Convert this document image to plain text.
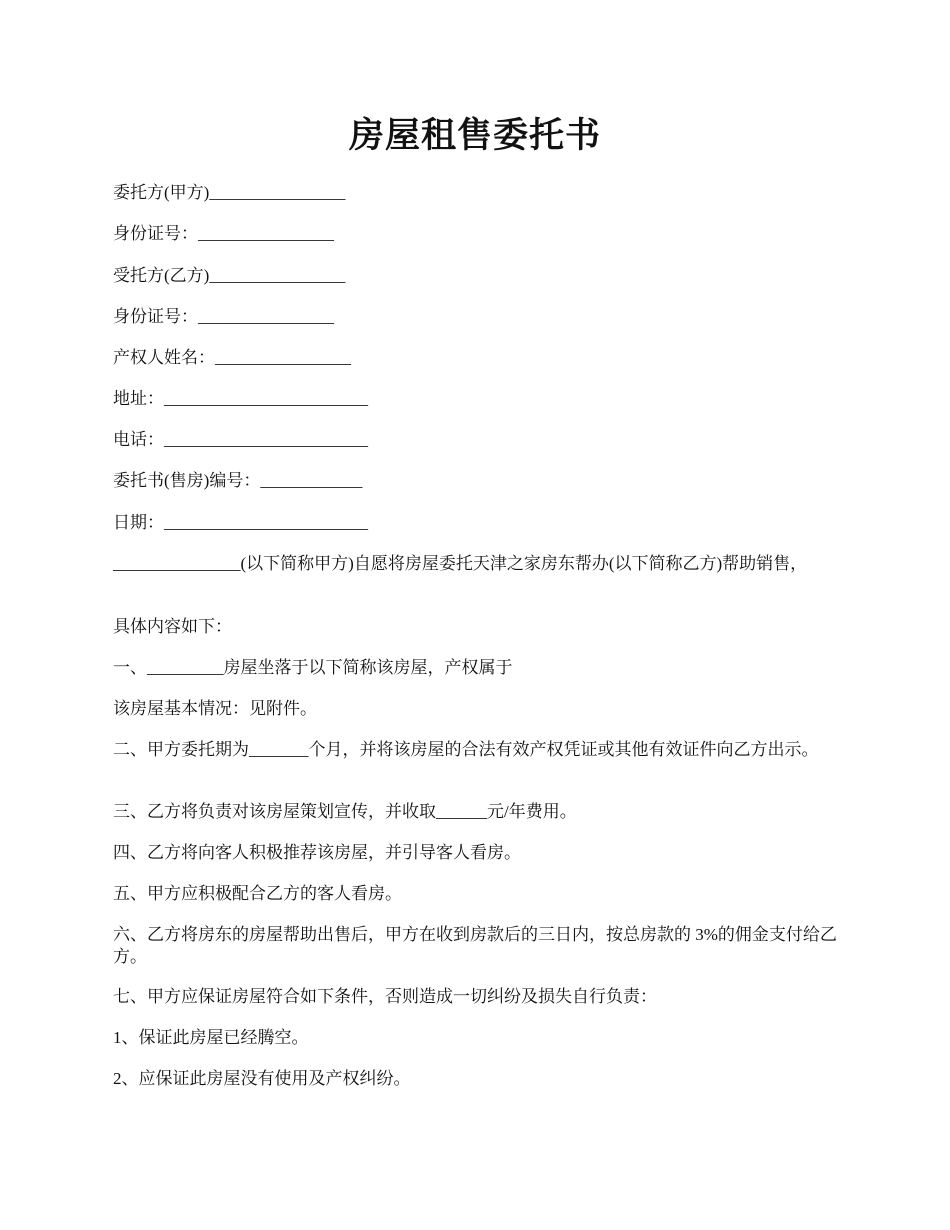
房屋租售委托书
委托方(甲方)________________
身份证号：________________
受托方(乙方)________________
身份证号：________________
产权人姓名：________________
地址：________________________
电话：________________________
委托书(售房)编号：____________
日期：________________________
_______________(以下简称甲方)自愿将房屋委托天津之家房东帮办(以下简称乙方)帮助销售，
具体内容如下：
一、_________房屋坐落于以下简称该房屋，产权属于
该房屋基本情况：见附件。
二、甲方委托期为_______个月，并将该房屋的合法有效产权凭证或其他有效证件向乙方出示。
三、乙方将负责对该房屋策划宣传，并收取______元/年费用。
四、乙方将向客人积极推荐该房屋，并引导客人看房。
五、甲方应积极配合乙方的客人看房。
六、乙方将房东的房屋帮助出售后，甲方在收到房款后的三日内，按总房款的 3%的佣金支付给乙方。
七、甲方应保证房屋符合如下条件，否则造成一切纠纷及损失自行负责：
1、保证此房屋已经腾空。
2、应保证此房屋没有使用及产权纠纷。
